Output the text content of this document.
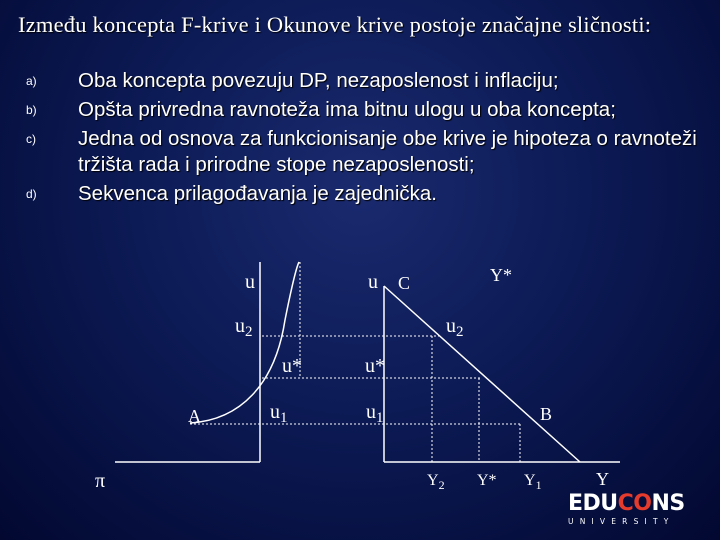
Između koncepta F-krive i Okunove krive postoje značajne sličnosti:
a) Oba koncepta povezuju DP, nezaposlenost i inflaciju;
b) Opšta privredna ravnoteža ima bitnu ulogu u oba koncepta;
c) Jedna od osnova za funkcionisanje obe krive je hipoteza o ravnoteži tržišta rada i prirodne stope nezaposlenosti;
d) Sekvenca prilagođavanja je zajednička.
u
$u_2$
u*
$u_1$
A
π
u C	Y*
$u_2$
u*
$u_1$	B
$Y_2$ Y* $Y_1$	Y
EDUCONS
UNIVERSITY
